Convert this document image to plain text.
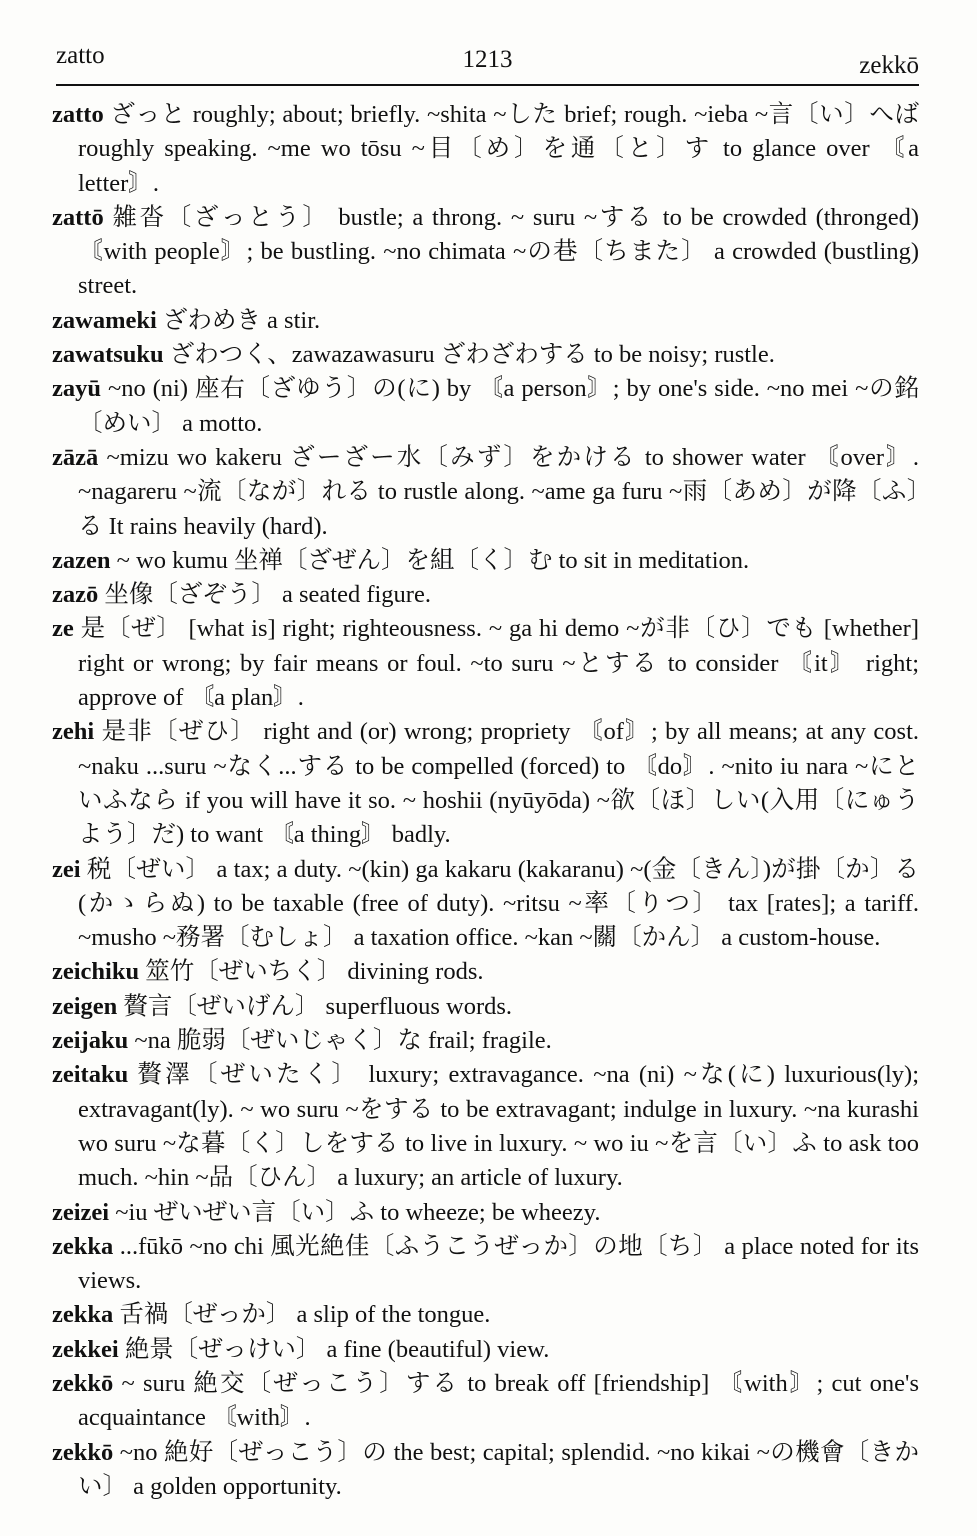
zatto	1213	zekkō
zatto ざっと roughly; about; briefly. ~shita ~した brief; rough. ~ieba ~言〔い〕へば roughly speaking. ~me wo tōsu ~目〔め〕を通〔と〕す to glance over 〘a letter〙.
zattō 雑沓〔ざっとう〕 bustle; a throng. ~ suru ~する to be crowded (thronged) 〘with people〙; be bustling. ~no chimata ~の巷〔ちまた〕 a crowded (bustling) street.
zawameki ざわめき a stir.
zawatsuku ざわつく、zawazawasuru ざわざわする to be noisy; rustle.
zayū ~no (ni) 座右〔ざゆう〕の(に) by 〘a person〙; by one's side. ~no mei ~の銘〔めい〕 a motto.
zāzā ~mizu wo kakeru ざーざー水〔みず〕をかける to shower water 〘over〙. ~nagareru ~流〔なが〕れる to rustle along. ~ame ga furu ~雨〔あめ〕が降〔ふ〕る It rains heavily (hard).
zazen ~ wo kumu 坐禅〔ざぜん〕を組〔く〕む to sit in meditation.
zazō 坐像〔ざぞう〕 a seated figure.
ze 是〔ぜ〕 [what is] right; righteousness. ~ ga hi demo ~が非〔ひ〕でも [whether] right or wrong; by fair means or foul. ~to suru ~とする to consider 〘it〙 right; approve of 〘a plan〙.
zehi 是非〔ぜひ〕 right and (or) wrong; propriety 〘of〙; by all means; at any cost. ~naku ...suru ~なく...する to be compelled (forced) to 〘do〙. ~nito iu nara ~にといふなら if you will have it so. ~ hoshii (nyūyōda) ~欲〔ほ〕しい(入用〔にゅうよう〕だ) to want 〘a thing〙 badly.
zei 税〔ぜい〕 a tax; a duty. ~(kin) ga kakaru (kakaranu) ~(金〔きん〕)が掛〔か〕る(かゝらぬ) to be taxable (free of duty). ~ritsu ~率〔りつ〕 tax [rates]; a tariff. ~musho ~務署〔むしょ〕 a taxation office. ~kan ~關〔かん〕 a custom-house.
zeichiku 筮竹〔ぜいちく〕 divining rods.
zeigen 贅言〔ぜいげん〕 superfluous words.
zeijaku ~na 脆弱〔ぜいじゃく〕な frail; fragile.
zeitaku 贅澤〔ぜいたく〕 luxury; extravagance. ~na (ni) ~な(に) luxurious(ly); extravagant(ly). ~ wo suru ~をする to be extravagant; indulge in luxury. ~na kurashi wo suru ~な暮〔く〕しをする to live in luxury. ~ wo iu ~を言〔い〕ふ to ask too much. ~hin ~品〔ひん〕 a luxury; an article of luxury.
zeizei ~iu ぜいぜい言〔い〕ふ to wheeze; be wheezy.
zekka ...fūkō ~no chi 風光絶佳〔ふうこうぜっか〕の地〔ち〕 a place noted for its views.
zekka 舌禍〔ぜっか〕 a slip of the tongue.
zekkei 絶景〔ぜっけい〕 a fine (beautiful) view.
zekkō ~ suru 絶交〔ぜっこう〕する to break off [friendship] 〘with〙; cut one's acquaintance 〘with〙.
zekkō ~no 絶好〔ぜっこう〕の the best; capital; splendid. ~no kikai ~の機會〔きかい〕 a golden opportunity.
